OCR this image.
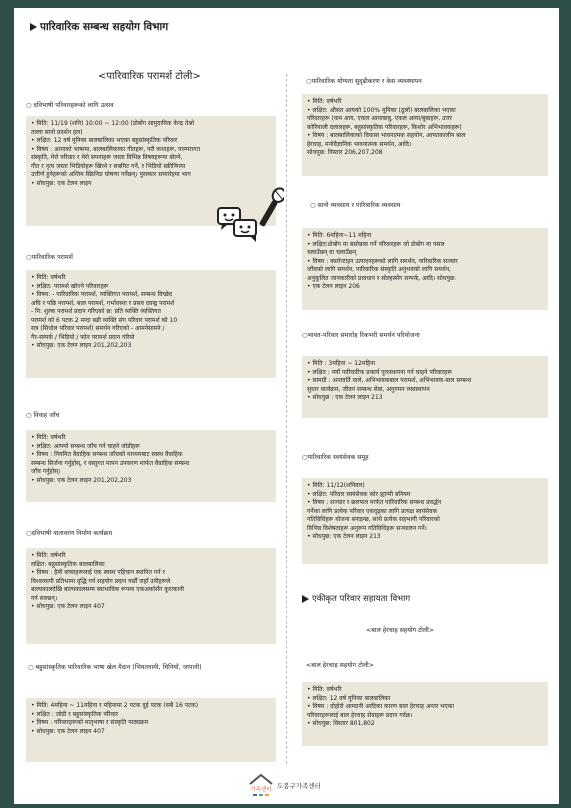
पारिवारिक सम्बन्ध सहयोग विभाग
<पारिवारिक परामर्श टोली>
○ दविभाषी परिवारहरूको लागि उत्सव
• मिति: 11/19 (शनि) 10:00 ~ 12:00 (डोबोंग सामुदायिक केन्द्र तेश्रो
तल्ला सानो प्रदर्शन हल)
• लक्षित: 12 वर्ष मुनिका बालबालिका भएका बहुसांस्कृतिक परिवार
• विषय : आमाको भाषामा, बालबालिकाका गीतहरू, परी कथाहरू, परम्परागत
संस्कृति, मेरो परिवार र मेरो सपनाहरू जस्ता विभिन्न विषयहरूमा बोल्ने,
गीत र नृत्य जस्ता भिडियोहरू खिच्ने र सबमिट गर्ने, र भिडियो स्क्रीनिंगमा
उत्तीर्ण हुनेहरूको अन्तिम स्क्रिनिङ घोषणा गर्नेछन्। पुरस्कार समारोहमा भाग
• सोधपुछ: एक टेलन लाइन
○पारिवारिक परामर्श
• मिति: वर्षभरि
• लक्षित: परामर्श खोज्ने परिवारहरू
• विषय: - पारिवारिक परामर्श, व्यक्तिगत परामर्श, सम्बन्ध विच्छेद
अघि र पछि परामर्श, बाल परामर्श, गर्भावस्था र प्रसव दवन्द्व परामर्श
- नि: शुल्क परामर्श प्रदान गरिएको छ: प्रति व्यक्ति व्यक्तिगत
परामर्श को 6 पटक 2 मन्दा बढी व्यक्ति संग परिवार परामर्श को 10
सत्र (सिधोल परिवार परामर्श) समर्थन गरिएको - आमनेसामने /
गैर-सम्पर्क / भिडियो / फोन परामर्श प्रदान गरियो
• सोधपुछ: एक टेलन लाइन 201,202,203
○ विवाह जाँच
• मिति: वर्षभरि
• लक्षित: आफ्नो सम्बन्ध जाँच गर्न चाहने जोडीहरू
• विषय : नियमित वैवाहिक सम्बन्ध जाँचको माध्यमबाट स्वस्थ वैवाहिक
सम्बन्ध सिर्जना गर्नुहोस्, र वस्तुगत मापन उपकरण मार्फत वैवाहिक सम्बन्ध
जाँच गर्नुहोस्।
• सोधपुछ: एक टेलन लाइन 201,202,203
○दविभाषी वातावरण निर्माण कार्यक्रम
• मिति: वर्षभरि
लक्षित: बहुसांस्कृतिक बालबालिका
• विषय : हैमी बच्चाहरूलाई एक स्वस्थ पहिचान स्थापित गर्न र
विश्वव्यापी प्रतिभामा वृद्धि गर्न सहयोग प्रदान गर्छौं जहाँ उनीहरूले
बाल्यकालदेखि बाल्यकालसम्म स्वाभाविक रूपमा एकअर्कासँग कुराकानी
गर्न सक्छन्।
• सोधपुछ: एक टेलन लाइन 407
○ बहुसांस्कृतिक पारिवारिक भाषा खेल मैदान (भियतनामी, चिनियाँ, जापानी)
• मिति: 4महिना ~ 11महिना र महिनामा 2 पटक दुई पटक (सबै 16 पटक)
• लक्षित : जोडी र बहुसांस्कृतिक परिवार
• विषय : परिवारहरूको मातृभाषा र संस्कृति पाठ्यक्रम
• सोधपुछ: एक टेलन लाइन 407
○पारिवारिक योग्यता सुदृढीकरण र केस व्यवस्थापन
• मिति: वर्षभरि
• लक्षित: औसत आयको 100% मुनिका (ठूलो) बालबालिका भएका
परिवारहरू (कम आय, एकल आमाबाबु, एकल आमा/बुबाहरू, उत्तर
कोरियाली दलालहरू, बहुसांस्कृतिक परिवारहरू, किशोर अभिभावकहरू)
• विषय : बालबालिकाको विकास भावनात्मक सहयोग, आपतकालीन बाल
हेरचाह, मनोवैज्ञानिक भावनात्मक समर्थन, आदि।
सोधपुछ: विस्तार 206,207,208
○ सानो व्यवसाय र पारिवारिक व्यवसाय
• मिति: 6महिना~11 महिना
• लक्षित:डोबोंग मा बसोबास गर्ने परिवारहरू जो डोबोंग मा पसल
चलाउँछन् वा चलाउँछन्
• विषय : क्वारेन्टाइन उत्पादनहरूको लागि समर्थन, पारिवारिक सञ्चार
जाँचको लागि समर्थन, पारिवारिक संस्कृति अनुभवको लागि समर्थन,
अनुकूलित जानकारीको प्रावधान र सोल्हस्सेंग सम्पर्क, आदि। सोधपुछ:
• एक टेलन लाइन 206
○भावत-परिवार समारोह रिकभरी समर्थन परियोजना
• मिति : 3महिना ~ 12महिना
• लक्षित : नयाँ पारिवारिक प्रकार्य पुनःस्थापना गर्न चाहने परिवारहरू
• सामग्री : अन्तवर्ति वाले, अभिभावकबाल परामर्श, अभिभावक-बाल सम्बन्ध
सुधार कार्यक्रम, जीवन सम्बन्ध सेवा, अनुगमन व्यवस्थापन
• सोधपुछ : एक टेलन लाइन 213
○पारिवारिक स्वयंसेवक समूह
• मिति: 11/12(शनिवार)
• लक्षित: परिवार स्वयंसेवक कोर ह्याप्पी बनियम
• विषय : सञ्चार र छलफल मार्फत पारिवारिक सम्बन्ध प्रवर्द्धन
गर्नेका लागि प्रत्येक परिवार एकदृढ्का लागि प्रत्यक्ष स्वयंसेवक
गतिविधिहरू योजना बनाइन्छ, साथै प्रत्येक सहभागी परिवारको
विभिन्न विशेषताहरू अनुरूप गतिविधिहरू सञ्चालन गर्ने।
• सोधपुछ: एक टेलन लाइन 213
एकीकृत परिवार सहायता विभाग
<बाल हेरचाह सहयोग टोली>
<बाल हेरचाह सहयोग टोली>
• मिति: वर्षभरि
• लक्षित: 12 वर्ष मुनिका बालबालिका
• विषय : दोहोरो आम्दानी आदिका कारण बाल हेरचाह अन्तर भएका
परिवारहरूलाई बाल हेरचाह सेवाहरू प्रदान गर्दछ।
• सोधपुछ: विस्तार 801,802
가족센터 도봉구가족센터
